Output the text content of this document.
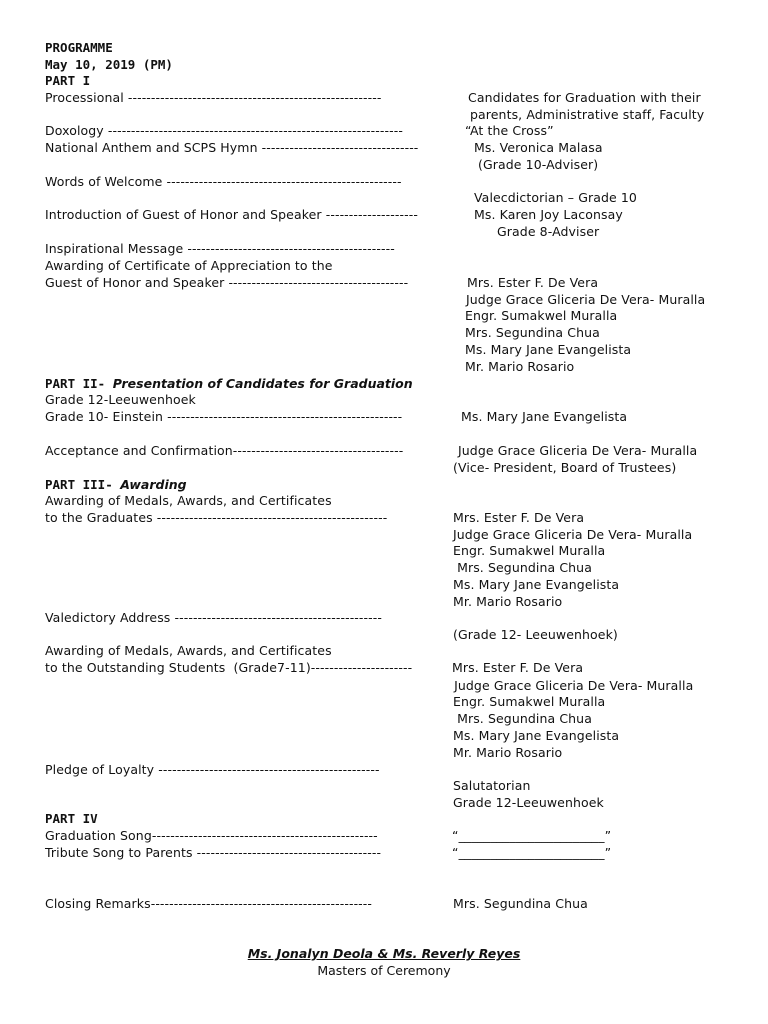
PROGRAMME
May 10, 2019 (PM)
PART I
Processional -------------------------------------------------------	Candidates for Graduation with their
parents, Administrative staff, Faculty
Doxology ----------------------------------------------------------------	“At the Cross”
National Anthem and SCPS Hymn ----------------------------------	Ms. Veronica Malasa
(Grade 10-Adviser)
Words of Welcome ---------------------------------------------------
Valecdictorian – Grade 10
Introduction of Guest of Honor and Speaker --------------------	Ms. Karen Joy Laconsay
Grade 8-Adviser
Inspirational Message ---------------------------------------------
Awarding of Certificate of Appreciation to the
Guest of Honor and Speaker ---------------------------------------	Mrs. Ester F. De Vera
Judge Grace Gliceria De Vera- Muralla
Engr. Sumakwel Muralla
Mrs. Segundina Chua
Ms. Mary Jane Evangelista
Mr. Mario Rosario
PART II- Presentation of Candidates for Graduation
Grade 12-Leeuwenhoek
Grade 10- Einstein ---------------------------------------------------	Ms. Mary Jane Evangelista
Acceptance and Confirmation-------------------------------------	Judge Grace Gliceria De Vera- Muralla
(Vice- President, Board of Trustees)
PART III- Awarding
Awarding of Medals, Awards, and Certificates
to the Graduates --------------------------------------------------	Mrs. Ester F. De Vera
Judge Grace Gliceria De Vera- Muralla
Engr. Sumakwel Muralla
Mrs. Segundina Chua
Ms. Mary Jane Evangelista
Mr. Mario Rosario
Valedictory Address ---------------------------------------------
(Grade 12- Leeuwenhoek)
Awarding of Medals, Awards, and Certificates
to the Outstanding Students  (Grade7-11)----------------------	Mrs. Ester F. De Vera
Judge Grace Gliceria De Vera- Muralla
Engr. Sumakwel Muralla
Mrs. Segundina Chua
Ms. Mary Jane Evangelista
Mr. Mario Rosario
Pledge of Loyalty ------------------------------------------------
Salutatorian
Grade 12-Leeuwenhoek
PART IV
Graduation Song-------------------------------------------------	“_______________________”
Tribute Song to Parents ----------------------------------------	“_______________________”
Closing Remarks------------------------------------------------	Mrs. Segundina Chua
Ms. Jonalyn Deola & Ms. Reverly Reyes
Masters of Ceremony
